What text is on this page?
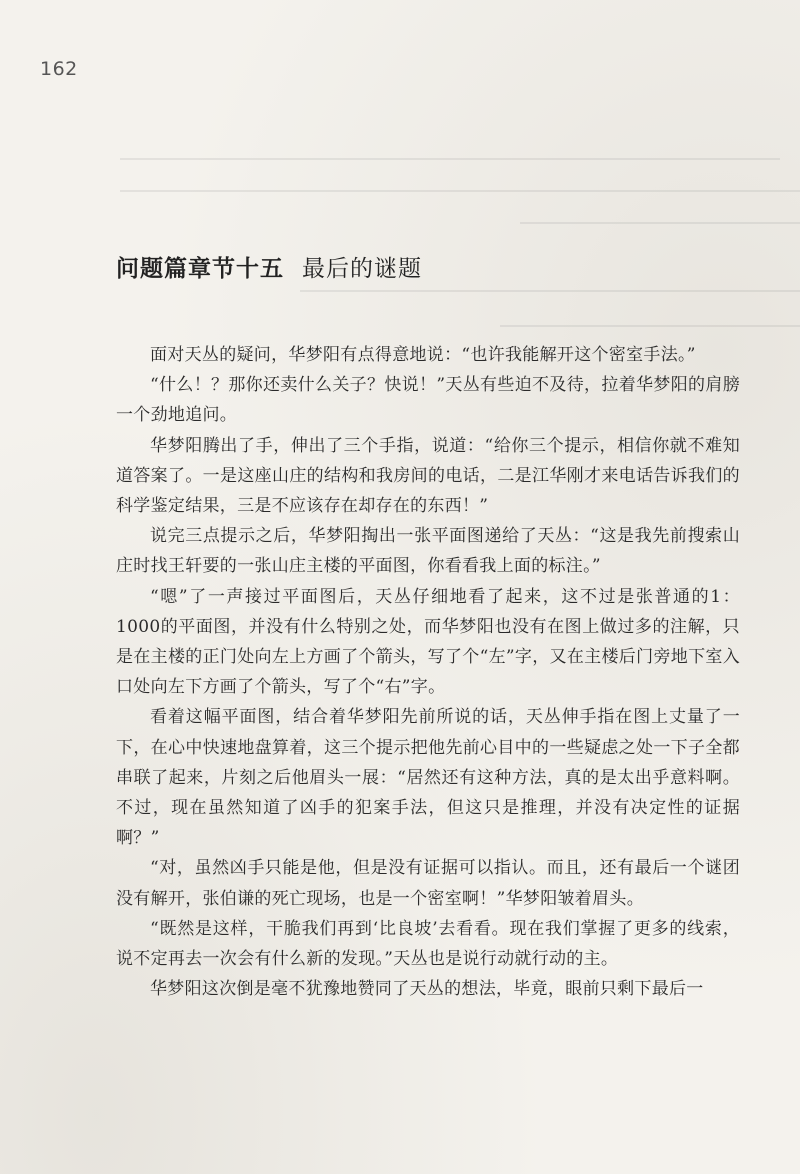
162
问题篇章节十五 最后的谜题

面对天丛的疑问，华梦阳有点得意地说：“也许我能解开这个密室手法。”

“什么！？那你还卖什么关子？快说！”天丛有些迫不及待，拉着华梦阳的肩膀一个劲地追问。

华梦阳腾出了手，伸出了三个手指，说道：“给你三个提示，相信你就不难知道答案了。一是这座山庄的结构和我房间的电话，二是江华刚才来电话告诉我们的科学鉴定结果，三是不应该存在却存在的东西！”

说完三点提示之后，华梦阳掏出一张平面图递给了天丛：“这是我先前搜索山庄时找王轩要的一张山庄主楼的平面图，你看看我上面的标注。”

“嗯”了一声接过平面图后，天丛仔细地看了起来，这不过是张普通的1：1000的平面图，并没有什么特别之处，而华梦阳也没有在图上做过多的注解，只是在主楼的正门处向左上方画了个箭头，写了个“左”字，又在主楼后门旁地下室入口处向左下方画了个箭头，写了个“右”字。

看着这幅平面图，结合着华梦阳先前所说的话，天丛伸手指在图上丈量了一下，在心中快速地盘算着，这三个提示把他先前心目中的一些疑虑之处一下子全都串联了起来，片刻之后他眉头一展：“居然还有这种方法，真的是太出乎意料啊。不过，现在虽然知道了凶手的犯案手法，但这只是推理，并没有决定性的证据啊？”

“对，虽然凶手只能是他，但是没有证据可以指认。而且，还有最后一个谜团没有解开，张伯谦的死亡现场，也是一个密室啊！”华梦阳皱着眉头。

“既然是这样，干脆我们再到‘比良坡’去看看。现在我们掌握了更多的线索，说不定再去一次会有什么新的发现。”天丛也是说行动就行动的主。

华梦阳这次倒是毫不犹豫地赞同了天丛的想法，毕竟，眼前只剩下最后一
